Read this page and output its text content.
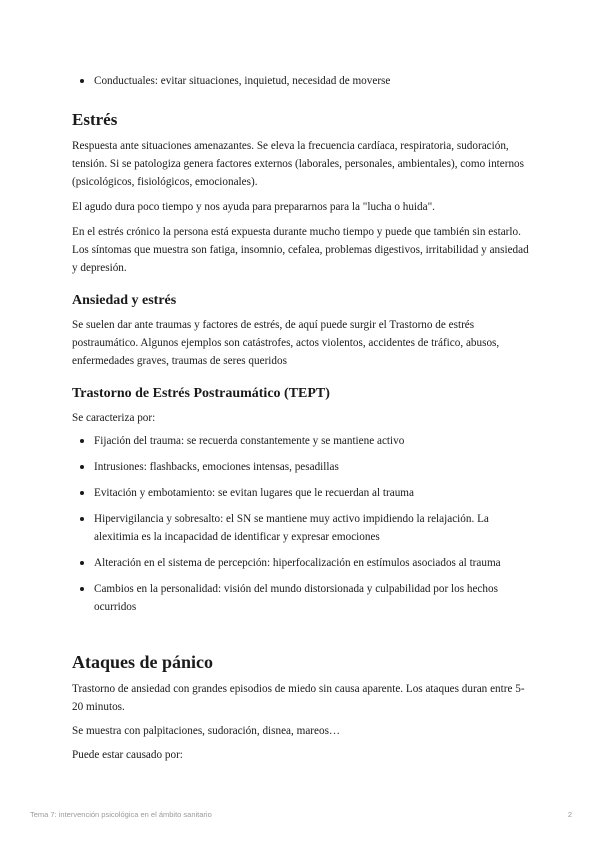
Conductuales: evitar situaciones, inquietud, necesidad de moverse
Estrés

Respuesta ante situaciones amenazantes. Se eleva la frecuencia cardíaca, respiratoria, sudoración, tensión. Si se patologiza genera factores externos (laborales, personales, ambientales), como internos (psicológicos, fisiológicos, emocionales).

El agudo dura poco tiempo y nos ayuda para prepararnos para la "lucha o huida".

En el estrés crónico la persona está expuesta durante mucho tiempo y puede que también sin estarlo. Los síntomas que muestra son fatiga, insomnio, cefalea, problemas digestivos, irritabilidad y ansiedad y depresión.

Ansiedad y estrés

Se suelen dar ante traumas y factores de estrés, de aquí puede surgir el Trastorno de estrés postraumático. Algunos ejemplos son catástrofes, actos violentos, accidentes de tráfico, abusos, enfermedades graves, traumas de seres queridos

Trastorno de Estrés Postraumático (TEPT)

Se caracteriza por:

Fijación del trauma: se recuerda constantemente y se mantiene activo
Intrusiones: flashbacks, emociones intensas, pesadillas
Evitación y embotamiento: se evitan lugares que le recuerdan al trauma
Hipervigilancia y sobresalto: el SN se mantiene muy activo impidiendo la relajación. La alexitimia es la incapacidad de identificar y expresar emociones
Alteración en el sistema de percepción: hiperfocalización en estímulos asociados al trauma
Cambios en la personalidad: visión del mundo distorsionada y culpabilidad por los hechos ocurridos
Ataques de pánico

Trastorno de ansiedad con grandes episodios de miedo sin causa aparente. Los ataques duran entre 5-20 minutos.

Se muestra con palpitaciones, sudoración, disnea, mareos…

Puede estar causado por:

Tema 7: intervención psicológica en el ámbito sanitario	2
